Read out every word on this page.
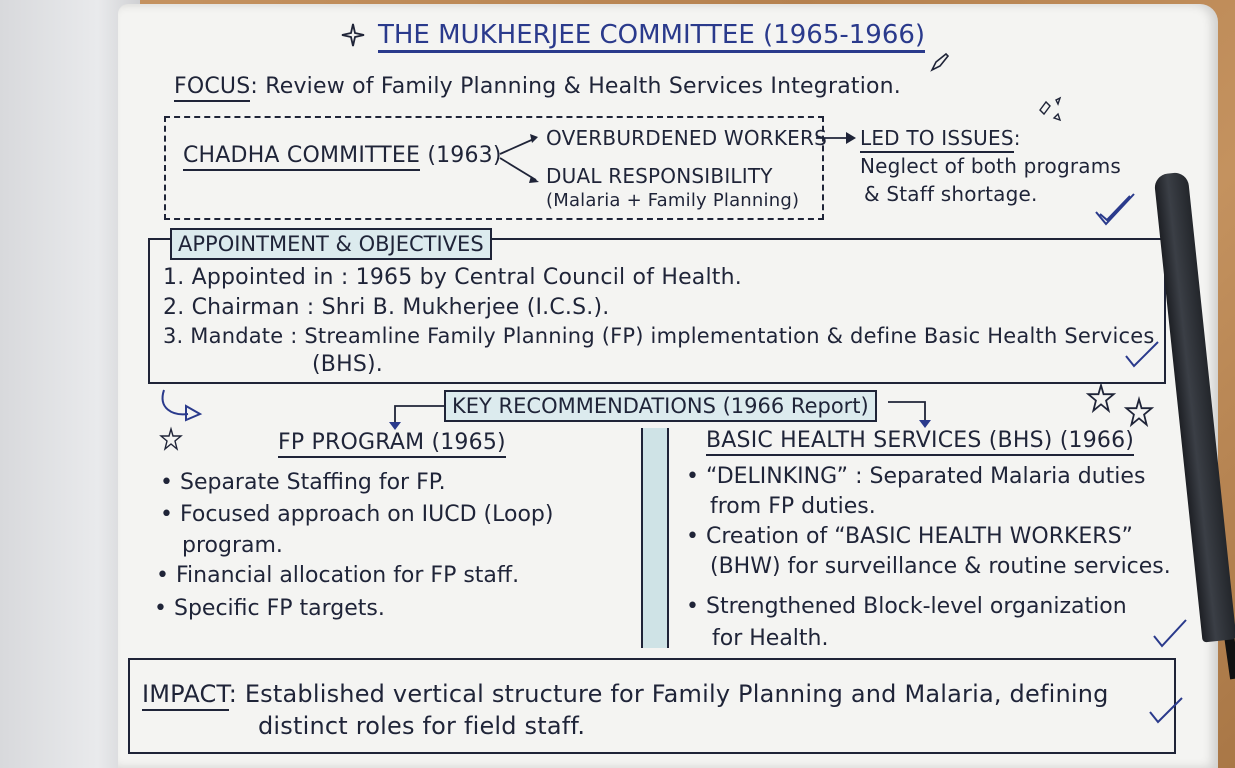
THE MUKHERJEE COMMITTEE (1965-1966)
FOCUS: Review of Family Planning & Health Services Integration.
CHADHA COMMITTEE (1963)
OVERBURDENED WORKERS
DUAL RESPONSIBILITY
(Malaria + Family Planning)
LED TO ISSUES:
Neglect of both programs
& Staff shortage.
APPOINTMENT & OBJECTIVES
1. Appointed in : 1965 by Central Council of Health.
2. Chairman : Shri B. Mukherjee (I.C.S.).
3. Mandate : Streamline Family Planning (FP) implementation & define Basic Health Services
(BHS).
KEY RECOMMENDATIONS (1966 Report)
FP PROGRAM (1965)
• Separate Staffing for FP.
• Focused approach on IUCD (Loop)
program.
• Financial allocation for FP staff.
• Specific FP targets.
BASIC HEALTH SERVICES (BHS) (1966)
• “DELINKING” : Separated Malaria duties
from FP duties.
• Creation of “BASIC HEALTH WORKERS”
(BHW) for surveillance & routine services.
• Strengthened Block-level organization
for Health.
IMPACT: Established vertical structure for Family Planning and Malaria, defining
distinct roles for field staff.
